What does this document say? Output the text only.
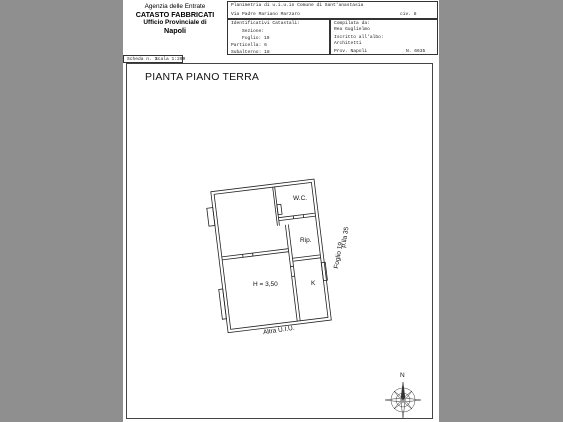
Agenzia delle Entrate
CATASTO FABBRICATI
Ufficio Provinciale di
Napoli
Planimetria di u.i.u.in Comune di Sant'anastasia
Via Padre Mariano Marzaro	civ. 8
Identificativi Catastali:
Sezione:
Foglio: 19
Particella: 6
Subalterno: 18
Compilata da:
Rea Guglielmo
Iscritto all'albo:
Architetti
Prov. Napoli	N. 6635
Scheda n. 1
Scala 1:200
PIANTA PIANO TERRA
W.C.
Rip.
K
H = 3,50
Altra U.I.U.
Foglio 19
p.lla 35
N
